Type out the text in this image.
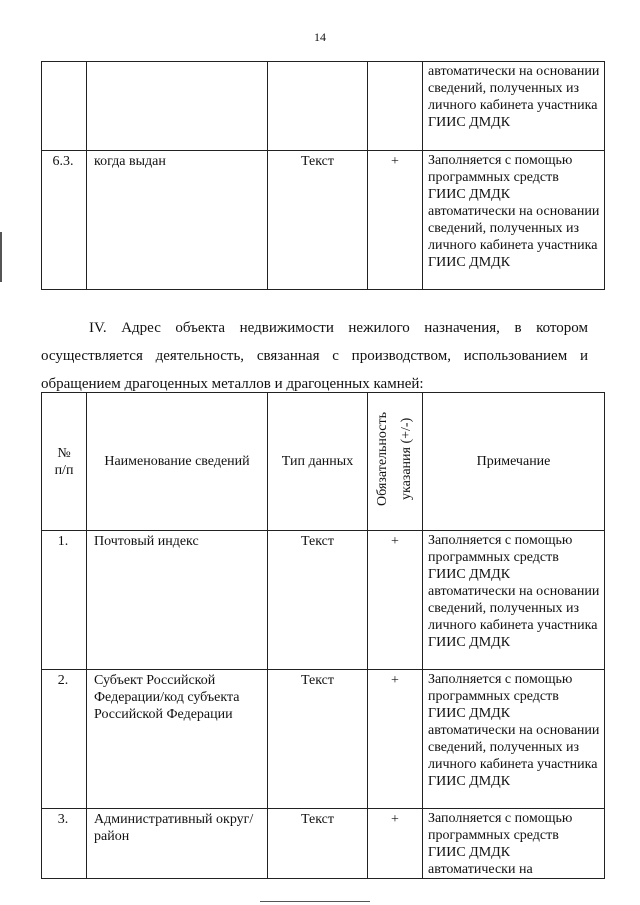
14
				автоматически на основании сведений, полученных из личного кабинета участника ГИИС ДМДК
6.3.	когда выдан	Текст	+	Заполняется с помощью программных средств ГИИС ДМДК автоматически на основании сведений, полученных из личного кабинета участника ГИИС ДМДК
IV. Адрес объекта недвижимости нежилого назначения, в котором
осуществляется деятельность, связанная с производством, использованием и
обращением драгоценных металлов и драгоценных камней:
№ п/п	Наименование сведений	Тип данных	Обязательность указания (+/-)	Примечание
1.	Почтовый индекс	Текст	+	Заполняется с помощью программных средств ГИИС ДМДК автоматически на основании сведений, полученных из личного кабинета участника ГИИС ДМДК
2.	Субъект Российской Федерации/код субъекта Российской Федерации	Текст	+	Заполняется с помощью программных средств ГИИС ДМДК автоматически на основании сведений, полученных из личного кабинета участника ГИИС ДМДК
3.	Административный округ/район	Текст	+	Заполняется с помощью программных средств ГИИС ДМДК автоматически на
